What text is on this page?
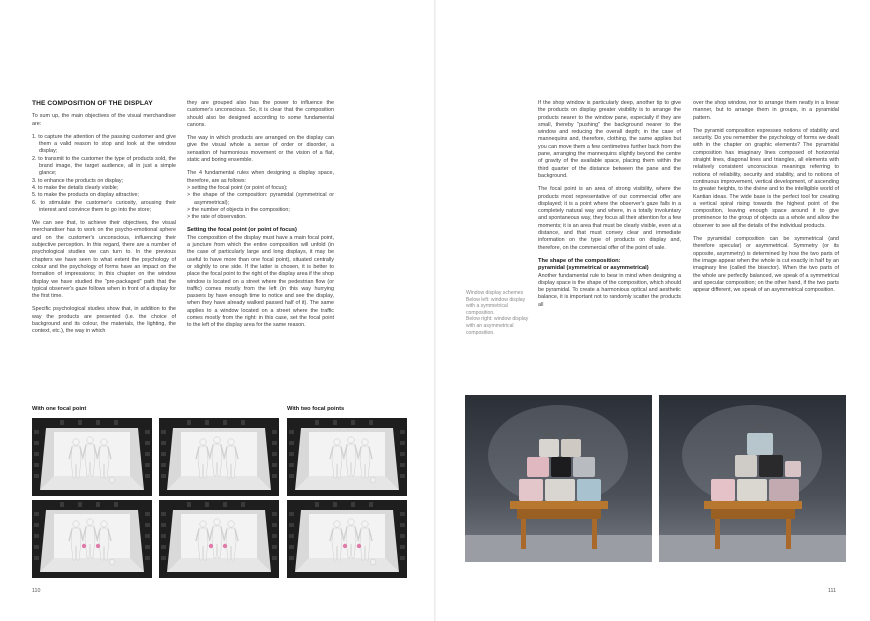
THE COMPOSITION OF THE DISPLAY

To sum up, the main objectives of the visual merchandiser are:

1. to capture the attention of the passing customer and give them a valid reason to stop and look at the window display;
2. to transmit to the customer the type of products sold, the brand image, the target audience, all in just a simple glance;
3. to enhance the products on display;
4. to make the details clearly visible;
5. to make the products on display attractive;
6. to stimulate the customer's curiosity, arousing their interest and convince them to go into the store;

We can see that, to achieve their objectives, the visual merchandiser has to work on the psycho-emotional sphere and on the customer's unconscious, influencing their subjective perception. In this regard, there are a number of psychological studies we can turn to. In the previous chapters we have seen to what extent the psychology of colour and the psychology of forms have an impact on the formation of impressions; in this chapter on the window display we have studied the "pre-packaged" path that the typical observer's gaze follows when in front of a display for the first time.

Specific psychological studies show that, in addition to the way the products are presented (i.e. the choice of background and its colour, the materials, the lighting, the context, etc.), the way in which

they are grouped also has the power to influence the customer's unconscious. So, it is clear that the composition should also be designed according to some fundamental canons.

The way in which products are arranged on the display can give the visual whole a sense of order or disorder, a sensation of harmonious movement or the vision of a flat, static and boring ensemble.

The 4 fundamental rules when designing a display space, therefore, are as follows:

> setting the focal point (or point of focus);
> the shape of the composition: pyramidal (symmetrical or asymmetrical);
> the number of objects in the composition;
> the rate of observation.
Setting the focal point (or point of focus)

The composition of the display must have a main focal point, a juncture from which the entire composition will unfold (in the case of particularly large and long displays, it may be useful to have more than one focal point), situated centrally or slightly to one side. If the latter is chosen, it is better to place the focal point to the right of the display area if the shop window is located on a street where the pedestrian flow (or traffic) comes mostly from the left (in this way hurrying passers by have enough time to notice and see the display, when they have already walked passed half of it). The same applies to a window located on a street where the traffic comes mostly from the right: in this case, set the focal point to the left of the display area for the same reason.

With one focal point	With two focal points
110
Window display schemes
Below left: window display with a symmetrical composition.
Below right: window display with an asymmetrical composition.

If the shop window is particularly deep, another tip to give the products on display greater visibility is to arrange the products nearer to the window pane, especially if they are small, thereby "pushing" the background nearer to the window and reducing the overall depth; in the case of mannequins and, therefore, clothing, the same applies but you can move them a few centimetres further back from the pane, arranging the mannequins slightly beyond the centre of gravity of the available space, placing them within the third quarter of the distance between the pane and the background.

The focal point is an area of strong visibility, where the products most representative of our commercial offer are displayed; it is a point where the observer's gaze falls in a completely natural way and where, in a totally involuntary and spontaneous way, they focus all their attention for a few moments; it is an area that must be clearly visible, even at a distance, and that must convey clear and immediate information on the type of products on display and, therefore, on the commercial offer of the point of sale.

The shape of the composition:
pyramidal (symmetrical or asymmetrical)

Another fundamental rule to bear in mind when designing a display space is the shape of the composition, which should be pyramidal. To create a harmonious optical and aesthetic balance, it is important not to randomly scatter the products all

over the shop window, nor to arrange them neatly in a linear manner, but to arrange them in groups, in a pyramidal pattern.

The pyramid composition expresses notions of stability and security. Do you remember the psychology of forms we dealt with in the chapter on graphic elements? The pyramidal composition has imaginary lines composed of horizontal straight lines, diagonal lines and triangles, all elements with relatively consistent unconscious meanings referring to notions of reliability, security and stability, and to notions of continuous improvement, vertical development, of ascending to greater heights, to the divine and to the intelligible world of Kantian ideas. The wide base is the perfect tool for creating a vertical spiral rising towards the highest point of the composition, leaving enough space around it to give prominence to the group of objects as a whole and allow the observer to see all the details of the individual products.

The pyramidal composition can be symmetrical (and therefore specular) or asymmetrical. Symmetry (or its opposite, asymmetry) is determined by how the two parts of the image appear when the whole is cut exactly in half by an imaginary line (called the bisector). When the two parts of the whole are perfectly balanced, we speak of a symmetrical and specular composition; on the other hand, if the two parts appear different, we speak of an asymmetrical composition.

111
